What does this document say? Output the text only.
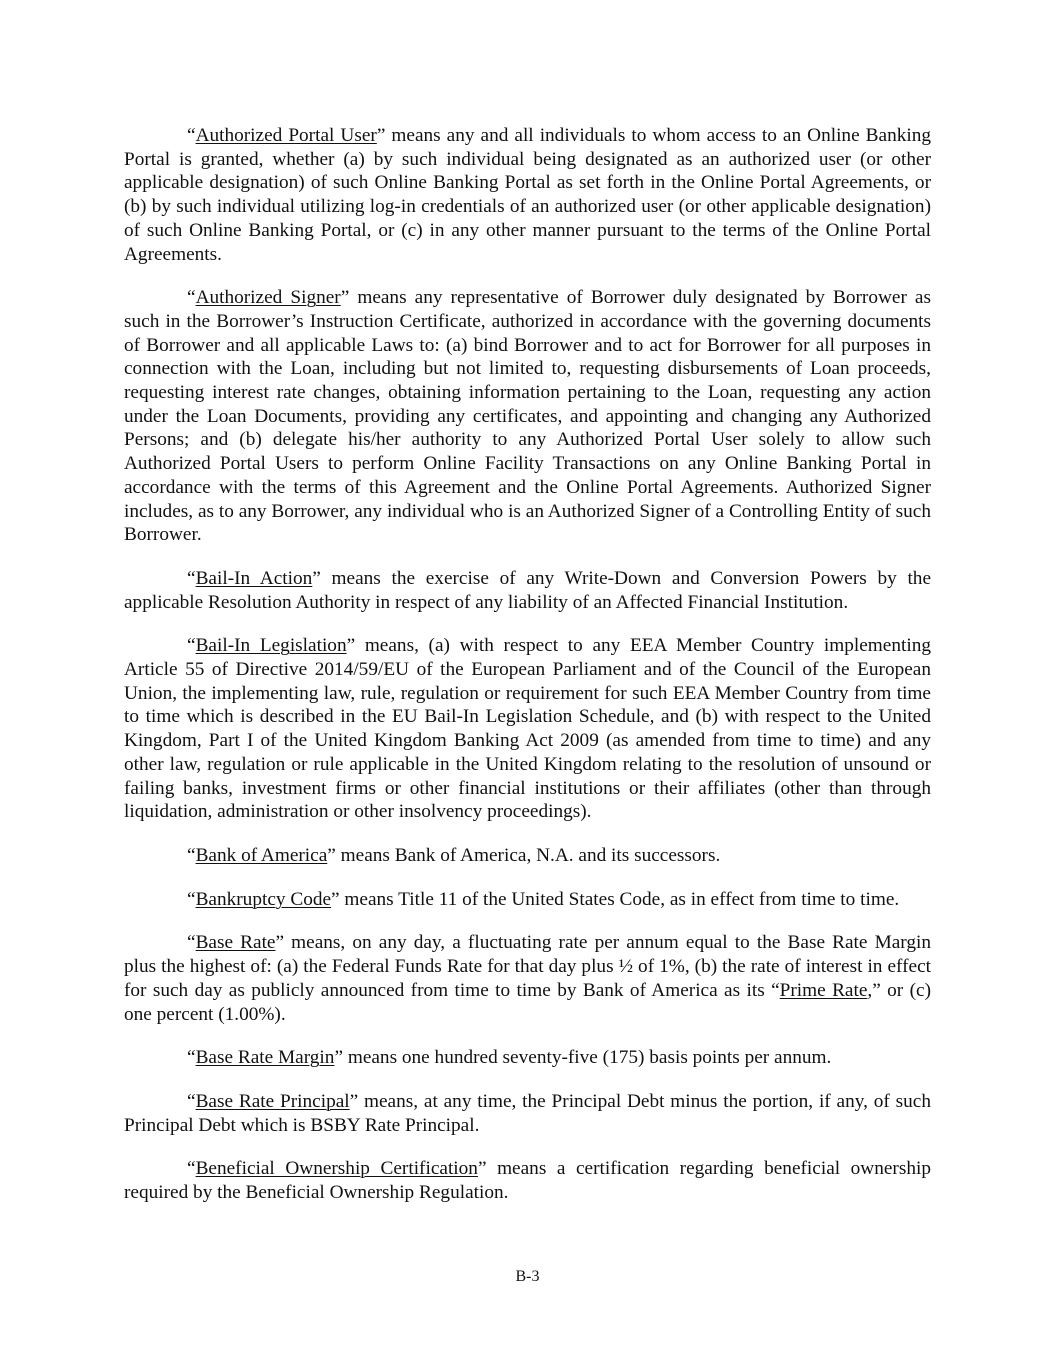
“Authorized Portal User” means any and all individuals to whom access to an Online Banking Portal is granted, whether (a) by such individual being designated as an authorized user (or other applicable designation) of such Online Banking Portal as set forth in the Online Portal Agreements, or (b) by such individual utilizing log-in credentials of an authorized user (or other applicable designation) of such Online Banking Portal, or (c) in any other manner pursuant to the terms of the Online Portal Agreements.

“Authorized Signer” means any representative of Borrower duly designated by Borrower as such in the Borrower’s Instruction Certificate, authorized in accordance with the governing documents of Borrower and all applicable Laws to: (a) bind Borrower and to act for Borrower for all purposes in connection with the Loan, including but not limited to, requesting disbursements of Loan proceeds, requesting interest rate changes, obtaining information pertaining to the Loan, requesting any action under the Loan Documents, providing any certificates, and appointing and changing any Authorized Persons; and (b) delegate his/her authority to any Authorized Portal User solely to allow such Authorized Portal Users to perform Online Facility Transactions on any Online Banking Portal in accordance with the terms of this Agreement and the Online Portal Agreements. Authorized Signer includes, as to any Borrower, any individual who is an Authorized Signer of a Controlling Entity of such Borrower.

“Bail-In Action” means the exercise of any Write-Down and Conversion Powers by the applicable Resolution Authority in respect of any liability of an Affected Financial Institution.

“Bail-In Legislation” means, (a) with respect to any EEA Member Country implementing Article 55 of Directive 2014/59/EU of the European Parliament and of the Council of the European Union, the implementing law, rule, regulation or requirement for such EEA Member Country from time to time which is described in the EU Bail-In Legislation Schedule, and (b) with respect to the United Kingdom, Part I of the United Kingdom Banking Act 2009 (as amended from time to time) and any other law, regulation or rule applicable in the United Kingdom relating to the resolution of unsound or failing banks, investment firms or other financial institutions or their affiliates (other than through liquidation, administration or other insolvency proceedings).

“Bank of America” means Bank of America, N.A. and its successors.

“Bankruptcy Code” means Title 11 of the United States Code, as in effect from time to time.

“Base Rate” means, on any day, a fluctuating rate per annum equal to the Base Rate Margin plus the highest of: (a) the Federal Funds Rate for that day plus ½ of 1%, (b) the rate of interest in effect for such day as publicly announced from time to time by Bank of America as its “Prime Rate,” or (c) one percent (1.00%).

“Base Rate Margin” means one hundred seventy-five (175) basis points per annum.

“Base Rate Principal” means, at any time, the Principal Debt minus the portion, if any, of such Principal Debt which is BSBY Rate Principal.

“Beneficial Ownership Certification” means a certification regarding beneficial ownership required by the Beneficial Ownership Regulation.

B-3
